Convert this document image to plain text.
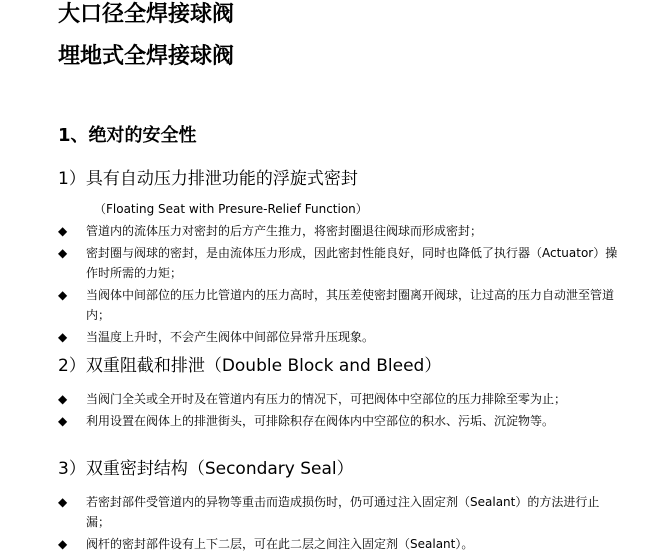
大口径全焊接球阀
埋地式全焊接球阀
1、绝对的安全性
1）具有自动压力排泄功能的浮旋式密封
（Floating Seat with Presure-Relief Function）
◆ 管道内的流体压力对密封的后方产生推力，将密封圈退往阀球而形成密封；
◆ 密封圈与阀球的密封，是由流体压力形成，因此密封性能良好，同时也降低了执行器（Actuator）操作时所需的力矩；
◆ 当阀体中间部位的压力比管道内的压力高时，其压差使密封圈离开阀球，让过高的压力自动泄至管道内；
◆ 当温度上升时，不会产生阀体中间部位异常升压现象。
2）双重阻截和排泄（Double Block and Bleed）
◆ 当阀门全关或全开时及在管道内有压力的情况下，可把阀体中空部位的压力排除至零为止；
◆ 利用设置在阀体上的排泄街头，可排除积存在阀体内中空部位的积水、污垢、沉淀物等。
3）双重密封结构（Secondary Seal）
◆ 若密封部件受管道内的异物等重击而造成损伤时，仍可通过注入固定剂（Sealant）的方法进行止漏；
◆ 阀杆的密封部件设有上下二层，可在此二层之间注入固定剂（Sealant）。
